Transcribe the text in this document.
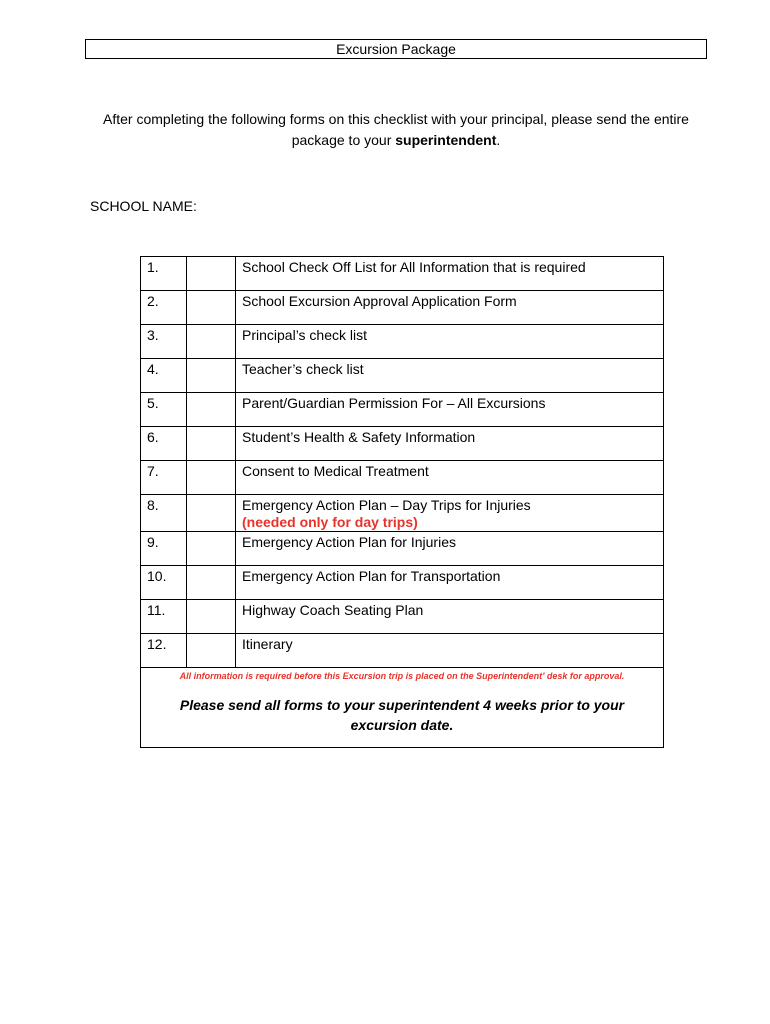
Excursion Package
After completing the following forms on this checklist with your principal, please send the entire package to your superintendent.
SCHOOL NAME:
1.		School Check Off List for All Information that is required
2.		School Excursion Approval Application Form
3.		Principal’s check list
4.		Teacher’s check list
5.		Parent/Guardian Permission For – All Excursions
6.		Student’s Health & Safety Information
7.		Consent to Medical Treatment
8.		Emergency Action Plan – Day Trips for Injuries
(needed only for day trips)

9.		Emergency Action Plan for Injuries
10.		Emergency Action Plan for Transportation
11.		Highway Coach Seating Plan
12.		Itinerary

All information is required before this Excursion trip is placed on the Superintendent’ desk for approval.
Please send all forms to your superintendent 4 weeks prior to your excursion date.		
